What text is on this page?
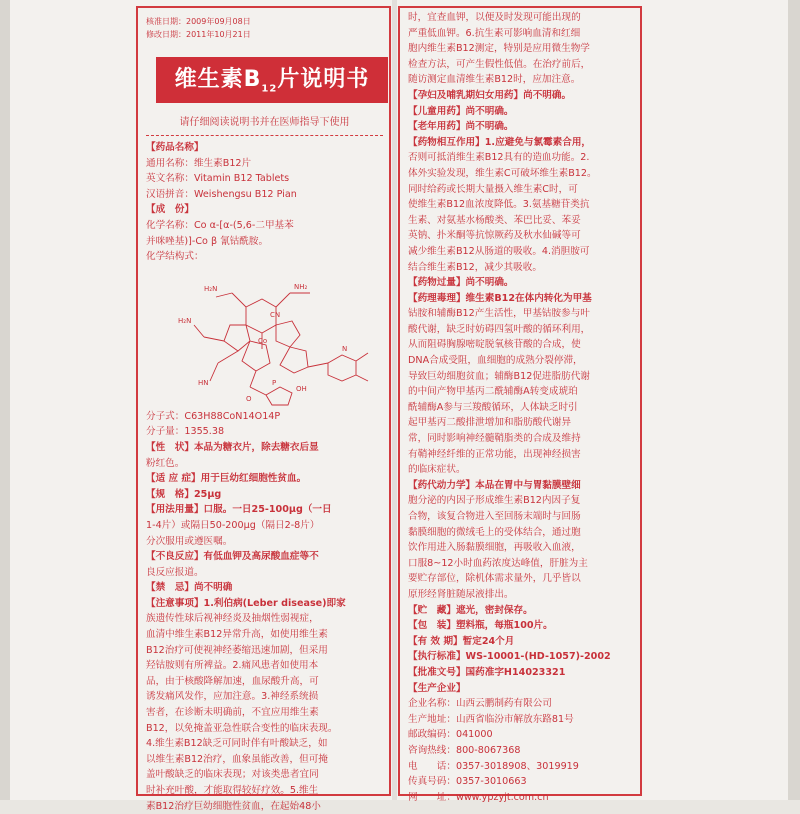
核准日期：2009年09月08日
修改日期：2011年10月21日
维生素$B_{12}$片说明书
请仔细阅读说明书并在医师指导下使用
【药品名称】
通用名称：维生素B12片
英文名称：Vitamin B12 Tablets
汉语拼音：Weishengsu B12 Pian
【成　份】
化学名称：Co α-[α-(5,6-二甲基苯
并咪唑基)]-Co β 氰钴酰胺。
化学结构式：
H₂N	NH₂
H₂N
Co
CN
OH
O
P
HN
N
分子式：C63H88CoN14O14P
分子量：1355.38
【性　状】本品为糖衣片，除去糖衣后显
粉红色。
【适 应 症】用于巨幼红细胞性贫血。
【规　格】25μg
【用法用量】口服。一日25-100μg（一日
1-4片）或隔日50-200μg（隔日2-8片）
分次服用或遵医嘱。
【不良反应】有低血钾及高尿酸血症等不
良反应报道。
【禁　忌】尚不明确
【注意事项】1.利伯病(Leber disease)即家
族遗传性球后视神经炎及抽烟性弱视症，
血清中维生素B12异常升高，如使用维生素
B12治疗可使视神经萎缩迅速加剧，但采用
羟钴胺则有所裨益。2.痛风患者如使用本
品，由于核酸降解加速，血尿酸升高，可
诱发痛风发作，应加注意。3.神经系统损
害者，在诊断未明确前，不宜应用维生素
B12，以免掩盖亚急性联合变性的临床表现。
4.维生素B12缺乏可同时伴有叶酸缺乏，如
以维生素B12治疗，血象虽能改善，但可掩
盖叶酸缺乏的临床表现；对该类患者宜同
时补充叶酸，才能取得较好疗效。5.维生
素B12治疗巨幼细胞性贫血，在起始48小
时，宜查血钾，以便及时发现可能出现的
严重低血钾。6.抗生素可影响血清和红细
胞内维生素B12测定，特别是应用微生物学
检查方法，可产生假性低值。在治疗前后，
随访测定血清维生素B12时，应加注意。
【孕妇及哺乳期妇女用药】尚不明确。
【儿童用药】尚不明确。
【老年用药】尚不明确。
【药物相互作用】1.应避免与氯霉素合用，
否则可抵消维生素B12具有的造血功能。2.
体外实验发现，维生素C可破坏维生素B12。
同时给药或长期大量摄入维生素C时，可
使维生素B12血浓度降低。3.氨基糖苷类抗
生素、对氨基水杨酸类、苯巴比妥、苯妥
英钠、扑米酮等抗惊厥药及秋水仙碱等可
减少维生素B12从肠道的吸收。4.消胆胺可
结合维生素B12，减少其吸收。
【药物过量】尚不明确。
【药理毒理】维生素B12在体内转化为甲基
钴胺和辅酶B12产生活性，甲基钴胺参与叶
酸代谢，缺乏时妨碍四氢叶酸的循环利用，
从而阻碍胸腺嘧啶脱氧核苷酸的合成，使
DNA合成受阻，血细胞的成熟分裂停滞，
导致巨幼细胞贫血；辅酶B12促进脂肪代谢
的中间产物甲基丙二酰辅酶A转变成琥珀
酰辅酶A参与三羧酸循环，人体缺乏时引
起甲基丙二酸排泄增加和脂肪酸代谢异
常，同时影响神经髓鞘脂类的合成及维持
有鞘神经纤维的正常功能，出现神经损害
的临床症状。
【药代动力学】本品在胃中与胃黏膜壁细
胞分泌的内因子形成维生素B12内因子复
合物，该复合物进入至回肠末端时与回肠
黏膜细胞的微绒毛上的受体结合，通过胞
饮作用进入肠黏膜细胞，再吸收入血液，
口服8~12小时血药浓度达峰值，肝脏为主
要贮存部位，除机体需求量外，几乎皆以
原形经肾脏随尿液排出。
【贮　藏】遮光，密封保存。
【包　装】塑料瓶，每瓶100片。
【有 效 期】暂定24个月
【执行标准】WS-10001-(HD-1057)-2002
【批准文号】国药准字H14023321
【生产企业】
企业名称：山西云鹏制药有限公司
生产地址：山西省临汾市解放东路81号
邮政编码：041000
咨询热线：800-8067368
电　　话：0357-3018908、3019919
传真号码：0357-3010663
网　　址：www.ypzyjt.com.cn
